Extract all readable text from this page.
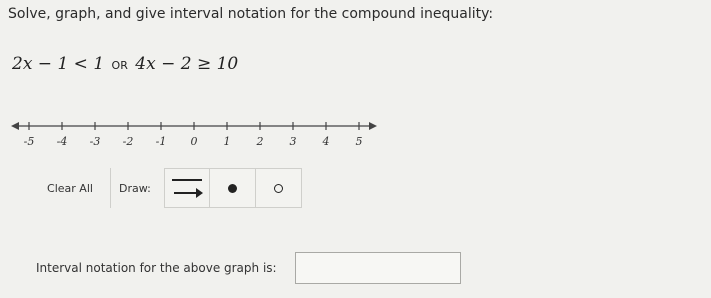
Solve, graph, and give interval notation for the compound inequality:
2x − 1 < 1 OR 4x − 2 ≥ 10
-5 -4 -3 -2 -1 0 1 2 3 4 5
Clear All	Draw:
Interval notation for the above graph is:
